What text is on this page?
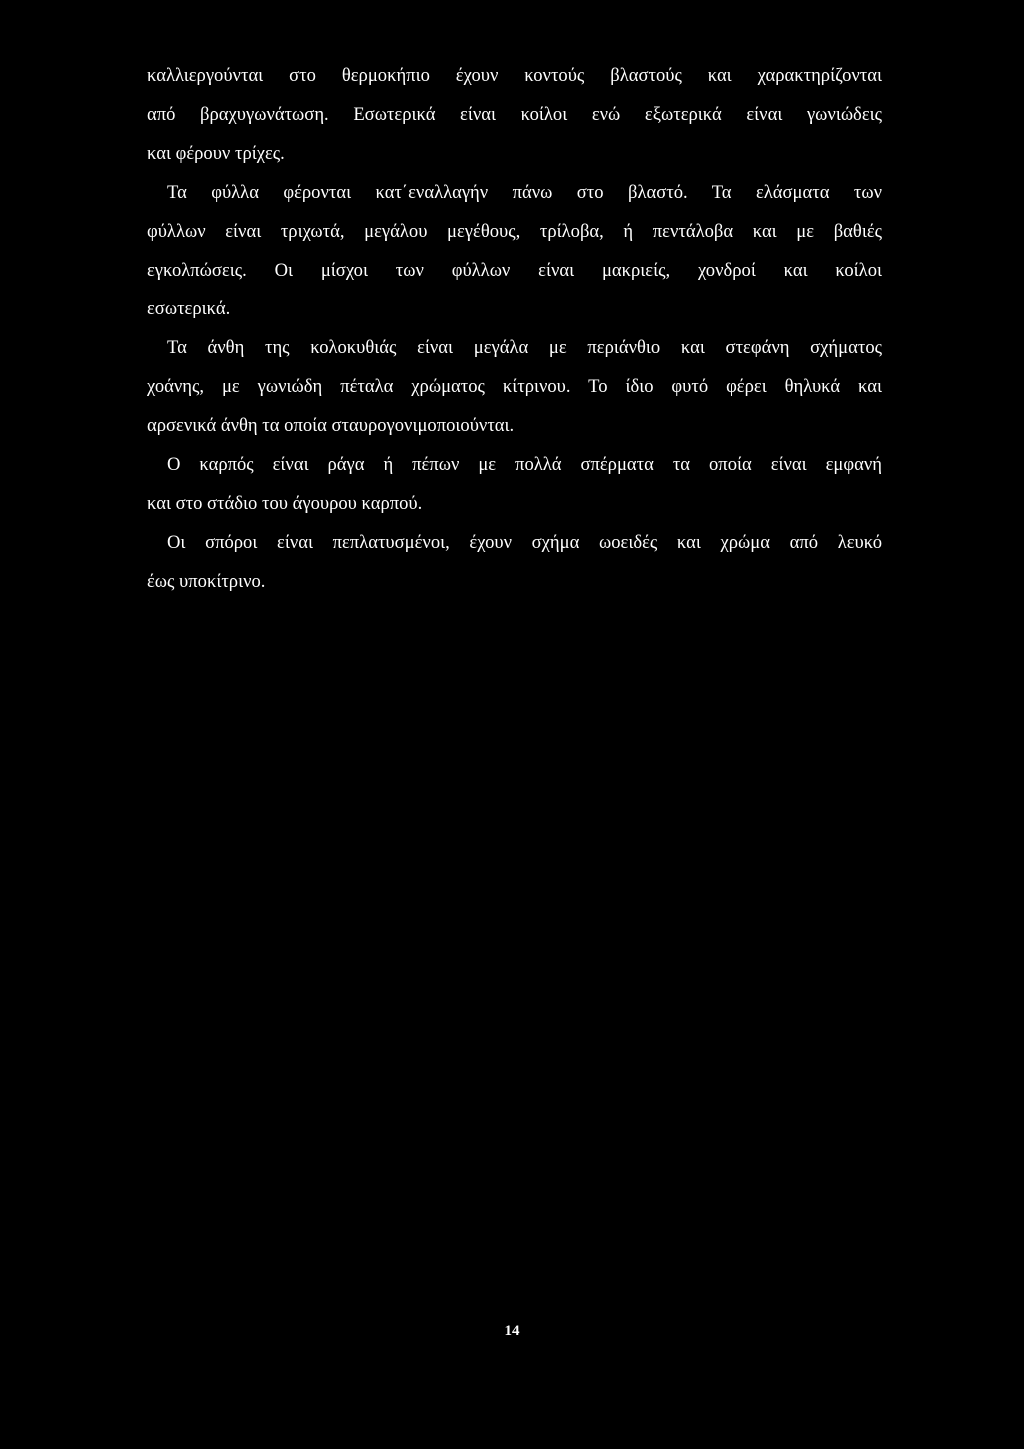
καλλιεργούνται στο θερμοκήπιο έχουν κοντούς βλαστούς και χαρακτηρίζονται
από βραχυγωνάτωση. Εσωτερικά είναι κοίλοι ενώ εξωτερικά είναι γωνιώδεις
και φέρουν τρίχες.
Τα φύλλα φέρονται κατ΄εναλλαγήν πάνω στο βλαστό. Τα ελάσματα των
φύλλων είναι τριχωτά, μεγάλου μεγέθους, τρίλοβα, ή πεντάλοβα και με βαθιές
εγκολπώσεις. Οι μίσχοι των φύλλων είναι μακριείς, χονδροί και κοίλοι
εσωτερικά.
Τα άνθη της κολοκυθιάς είναι μεγάλα με περιάνθιο και στεφάνη σχήματος
χοάνης, με γωνιώδη πέταλα χρώματος κίτρινου. Το ίδιο φυτό φέρει θηλυκά και
αρσενικά άνθη τα οποία σταυρογονιμοποιούνται.
Ο καρπός είναι ράγα ή πέπων με πολλά σπέρματα τα οποία είναι εμφανή
και στο στάδιο του άγουρου καρπού.
Οι σπόροι είναι πεπλατυσμένοι, έχουν σχήμα ωοειδές και χρώμα από λευκό
έως υποκίτρινο.
14
